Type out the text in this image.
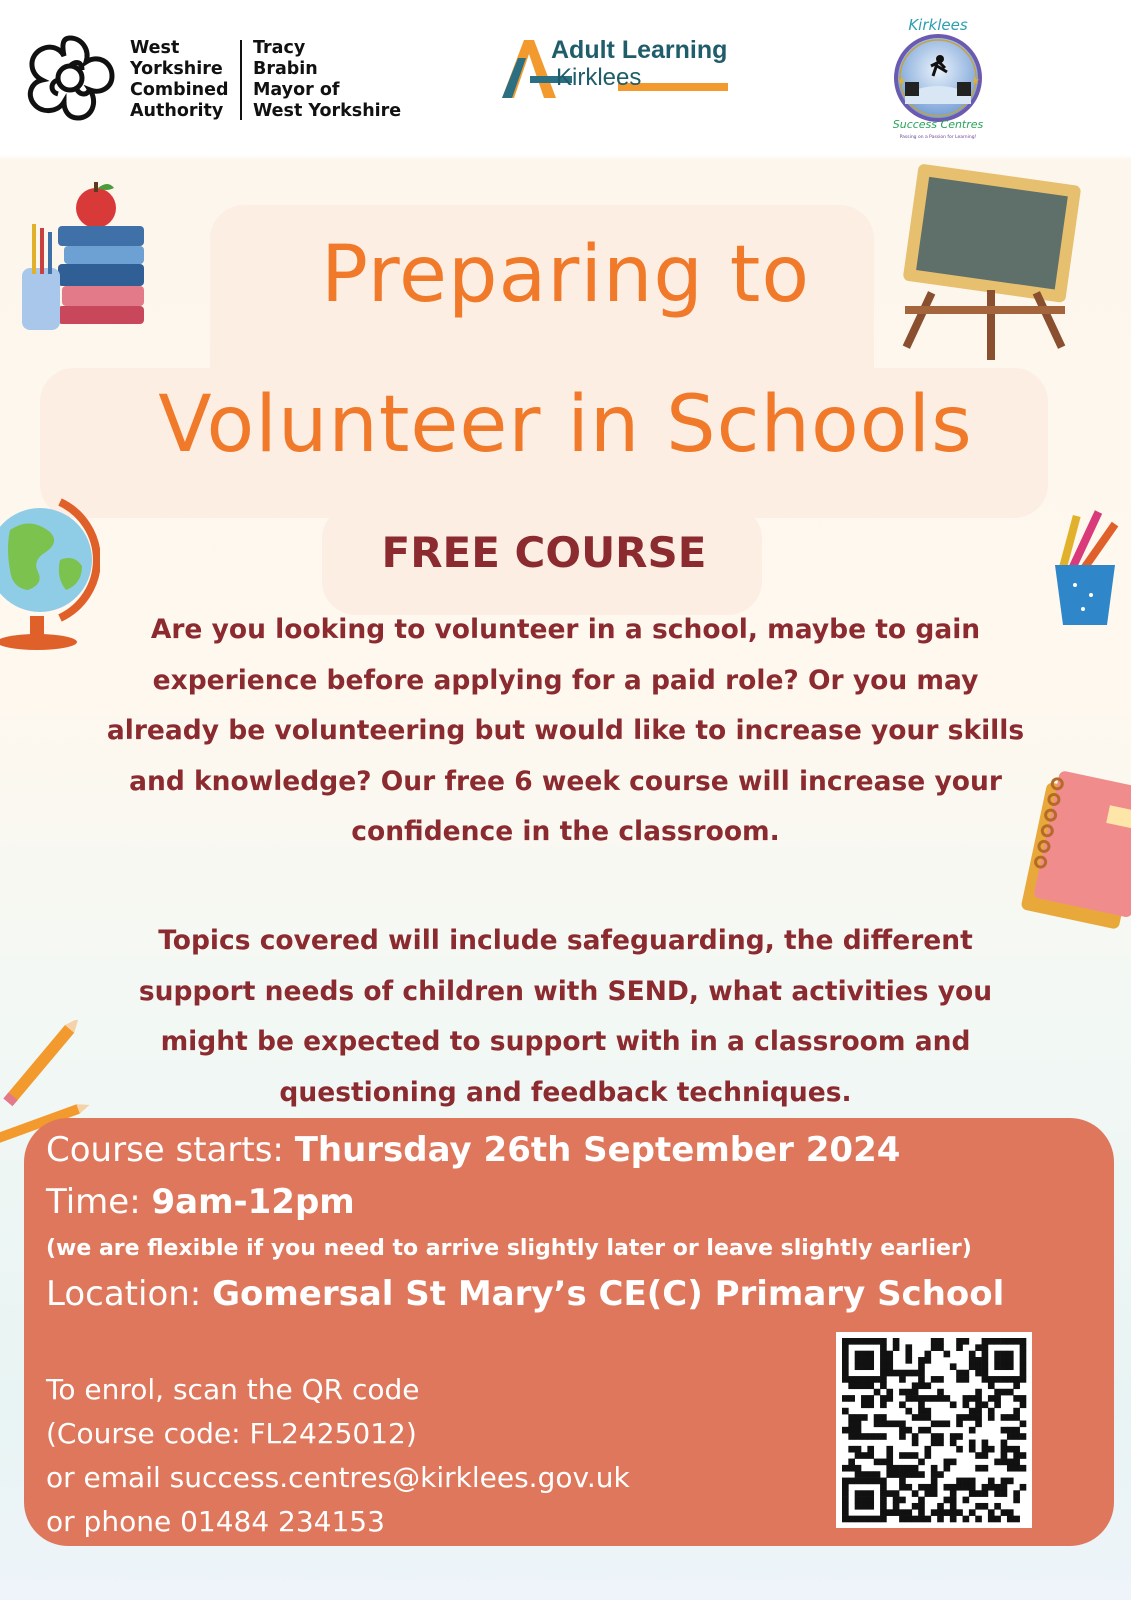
West
Yorkshire
Combined
Authority
Tracy
Brabin
Mayor of
West Yorkshire
Adult Learning
Kirklees
Kirklees
★	★
Success Centres
Passing on a Passion for Learning!
Preparing to
Volunteer in Schools
FREE COURSE
Are you looking to volunteer in a school, maybe to gain
experience before applying for a paid role? Or you may
already be volunteering but would like to increase your skills
and knowledge? Our free 6 week course will increase your
confidence in the classroom.
Topics covered will include safeguarding, the different
support needs of children with SEND, what activities you
might be expected to support with in a classroom and
questioning and feedback techniques.
Course starts: Thursday 26th September 2024
Time: 9am-12pm
(we are flexible if you need to arrive slightly later or leave slightly earlier)
Location: Gomersal St Mary’s CE(C) Primary School
To enrol, scan the QR code
(Course code: FL2425012)
or email success.centres@kirklees.gov.uk
or phone 01484 234153
